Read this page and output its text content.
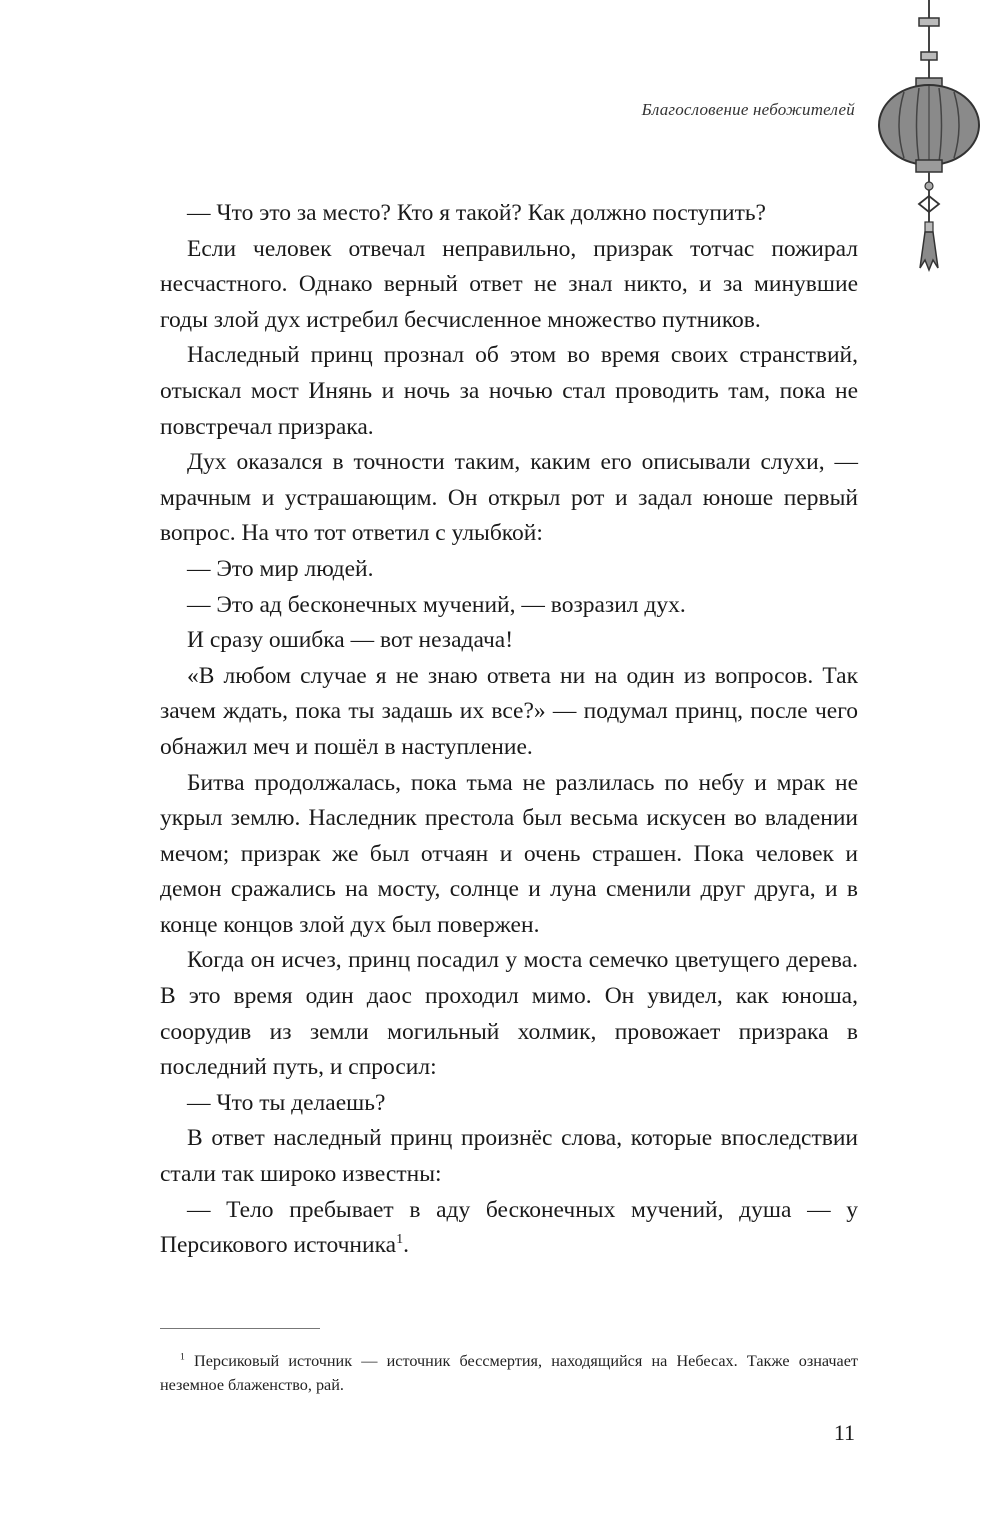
Благословение небожителей

— Что это за место? Кто я такой? Как должно поступить?

Если человек отвечал неправильно, призрак тотчас пожирал несчастного. Однако верный ответ не знал никто, и за минувшие годы злой дух истребил бесчисленное множество путников.

Наследный принц прознал об этом во время своих странствий, отыскал мост Инянь и ночь за ночью стал проводить там, пока не повстречал призрака.

Дух оказался в точности таким, каким его описывали слухи, — мрачным и устрашающим. Он открыл рот и задал юноше первый вопрос. На что тот ответил с улыбкой:

— Это мир людей.

— Это ад бесконечных мучений, — возразил дух.

И сразу ошибка — вот незадача!

«В любом случае я не знаю ответа ни на один из вопросов. Так зачем ждать, пока ты задашь их все?» — подумал принц, после чего обнажил меч и пошёл в наступление.

Битва продолжалась, пока тьма не разлилась по небу и мрак не укрыл землю. Наследник престола был весьма искусен во владении мечом; призрак же был отчаян и очень страшен. Пока человек и демон сражались на мосту, солнце и луна сменили друг друга, и в конце концов злой дух был повержен.

Когда он исчез, принц посадил у моста семечко цветущего дерева. В это время один даос проходил мимо. Он увидел, как юноша, соорудив из земли могильный холмик, провожает призрака в последний путь, и спросил:

— Что ты делаешь?

В ответ наследный принц произнёс слова, которые впоследствии стали так широко известны:

— Тело пребывает в аду бесконечных мучений, душа — у Персикового источника$^1$.

$^1$ Персиковый источник — источник бессмертия, находящийся на Небесах. Также означает неземное блаженство, рай.

11
